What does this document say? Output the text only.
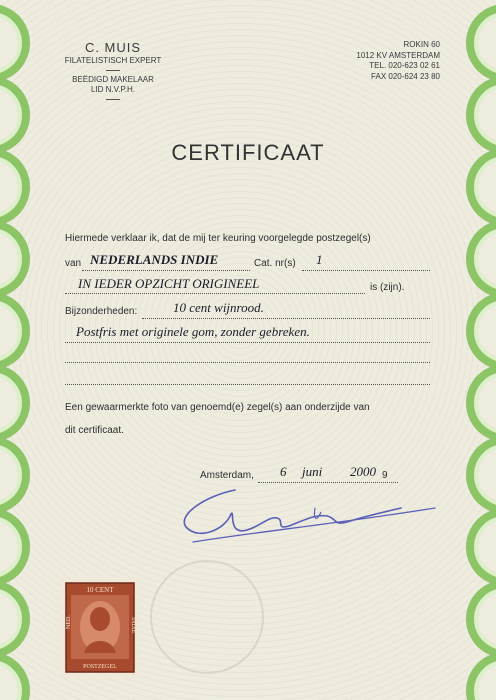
C. MUIS
FILATELISTISCH EXPERT
BEËDIGD MAKELAAR
LID N.V.P.H.
ROKIN 60
1012 KV AMSTERDAM
TEL. 020-623 02 61
FAX 020-624 23 80
CERTIFICAAT
Hiermede verklaar ik, dat de mij ter keuring voorgelegde postzegel(s)
van NEDERLANDS INDIE	Cat. nr(s) 1
IN IEDER OPZICHT ORIGINEEL	is (zijn).
Bijzonderheden:	10 cent wijnrood.
Postfris met originele gom, zonder gebreken.
Een gewaarmerkte foto van genoemd(e) zegel(s) aan onderzijde van
dit certificaat.
Amsterdam, 6 juni 2000 9
10 CENT
NED.	INDIE
POSTZEGEL
